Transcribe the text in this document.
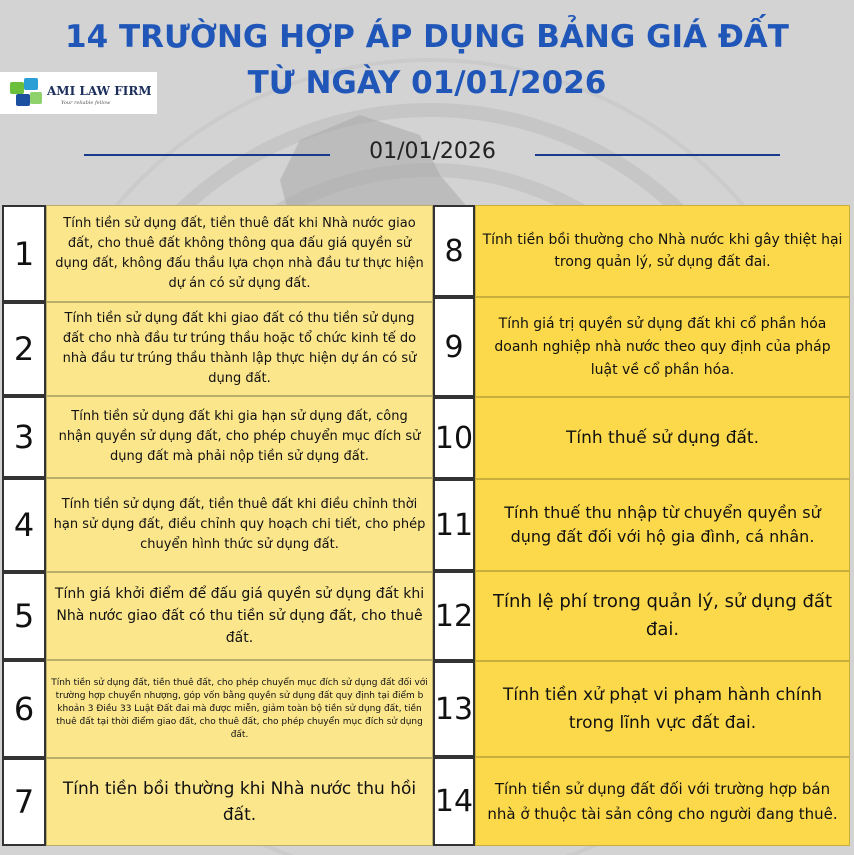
14 TRƯỜNG HỢP ÁP DỤNG BẢNG GIÁ ĐẤT
TỪ NGÀY 01/01/2026
AMI LAW FIRM
Your reliable fellow
01/01/2026
1
Tính tiền sử dụng đất, tiền thuê đất khi Nhà nước giao đất, cho thuê đất không thông qua đấu giá quyền sử dụng đất, không đấu thầu lựa chọn nhà đầu tư thực hiện dự án có sử dụng đất.
2
Tính tiền sử dụng đất khi giao đất có thu tiền sử dụng đất cho nhà đầu tư trúng thầu hoặc tổ chức kinh tế do nhà đầu tư trúng thầu thành lập thực hiện dự án có sử dụng đất.
3
Tính tiền sử dụng đất khi gia hạn sử dụng đất, công nhận quyền sử dụng đất, cho phép chuyển mục đích sử dụng đất mà phải nộp tiền sử dụng đất.
4
Tính tiền sử dụng đất, tiền thuê đất khi điều chỉnh thời hạn sử dụng đất, điều chỉnh quy hoạch chi tiết, cho phép chuyển hình thức sử dụng đất.
5
Tính giá khởi điểm để đấu giá quyền sử dụng đất khi Nhà nước giao đất có thu tiền sử dụng đất, cho thuê đất.
6
Tính tiền sử dụng đất, tiền thuê đất, cho phép chuyển mục đích sử dụng đất đối với trường hợp chuyển nhượng, góp vốn bằng quyền sử dụng đất quy định tại điểm b khoản 3 Điều 33 Luật Đất đai mà được miễn, giảm toàn bộ tiền sử dụng đất, tiền thuê đất tại thời điểm giao đất, cho thuê đất, cho phép chuyển mục đích sử dụng đất.
7	Tính tiền bồi thường khi Nhà nước thu hồi đất.
8	Tính tiền bồi thường cho Nhà nước khi gây thiệt hại trong quản lý, sử dụng đất đai.
9
Tính giá trị quyền sử dụng đất khi cổ phần hóa doanh nghiệp nhà nước theo quy định của pháp luật về cổ phần hóa.
10	Tính thuế sử dụng đất.
11	Tính thuế thu nhập từ chuyển quyền sử dụng đất đối với hộ gia đình, cá nhân.
12	Tính lệ phí trong quản lý, sử dụng đất đai.
13	Tính tiền xử phạt vi phạm hành chính trong lĩnh vực đất đai.
14	Tính tiền sử dụng đất đối với trường hợp bán nhà ở thuộc tài sản công cho người đang thuê.
